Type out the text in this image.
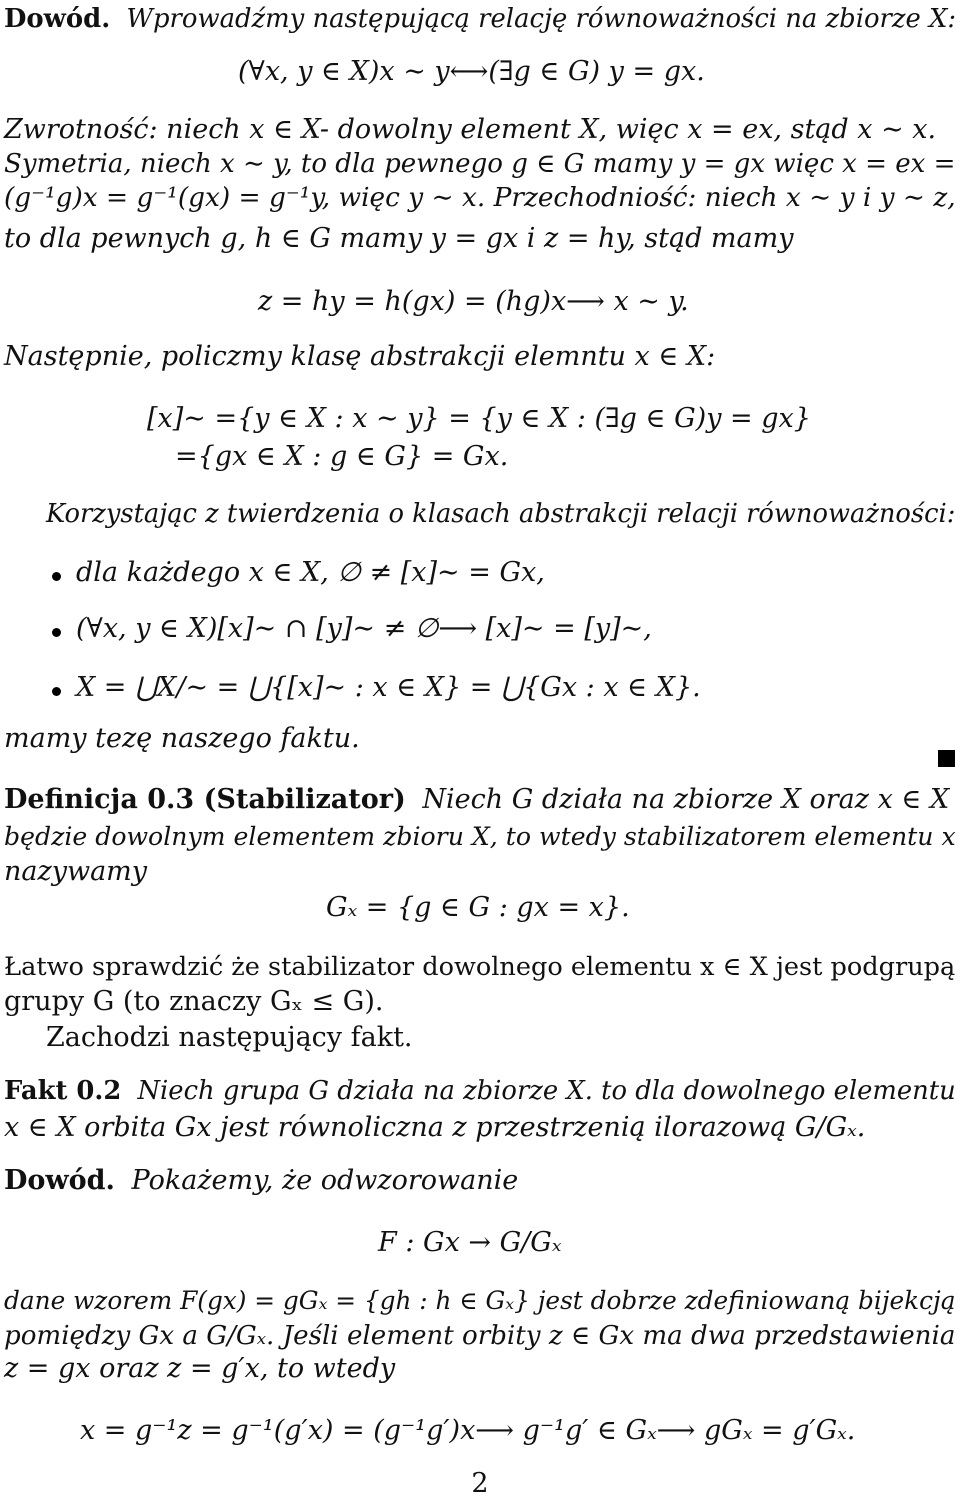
Dowód. Wprowadźmy następującą relację równoważności na zbiorze X:
(∀x, y ∈ X)x ∼ y⟷(∃g ∈ G) y = gx.
Zwrotność: niech x ∈ X- dowolny element X, więc x = ex, stąd x ∼ x.
Symetria, niech x ∼ y, to dla pewnego g ∈ G mamy y = gx więc x = ex =
(g⁻¹g)x = g⁻¹(gx) = g⁻¹y, więc y ∼ x. Przechodniość: niech x ∼ y i y ∼ z,
to dla pewnych g, h ∈ G mamy y = gx i z = hy, stąd mamy
z = hy = h(gx) = (hg)x⟶ x ∼ y.
Następnie, policzmy klasę abstrakcji elemntu x ∈ X:
[x]∼ ={y ∈ X : x ∼ y} = {y ∈ X : (∃g ∈ G)y = gx}
={gx ∈ X : g ∈ G} = Gx.
Korzystając z twierdzenia o klasach abstrakcji relacji równoważności:
dla każdego x ∈ X, ∅ ≠ [x]∼ = Gx,
(∀x, y ∈ X)[x]∼ ∩ [y]∼ ≠ ∅⟶ [x]∼ = [y]∼,
X = ⋃X/∼ = ⋃{[x]∼ : x ∈ X} = ⋃{Gx : x ∈ X}.
mamy tezę naszego faktu.
Definicja 0.3 (Stabilizator) Niech G działa na zbiorze X oraz x ∈ X
będzie dowolnym elementem zbioru X, to wtedy stabilizatorem elementu x
nazywamy
Gₓ = {g ∈ G : gx = x}.
Łatwo sprawdzić że stabilizator dowolnego elementu x ∈ X jest podgrupą
grupy G (to znaczy Gₓ ≤ G).
Zachodzi następujący fakt.
Fakt 0.2 Niech grupa G działa na zbiorze X. to dla dowolnego elementu
x ∈ X orbita Gx jest równoliczna z przestrzenią ilorazową G/Gₓ.
Dowód. Pokażemy, że odwzorowanie
F : Gx → G/Gₓ
dane wzorem F(gx) = gGₓ = {gh : h ∈ Gₓ} jest dobrze zdefiniowaną bijekcją
pomiędzy Gx a G/Gₓ. Jeśli element orbity z ∈ Gx ma dwa przedstawienia
z = gx oraz z = g′x, to wtedy
x = g⁻¹z = g⁻¹(g′x) = (g⁻¹g′)x⟶ g⁻¹g′ ∈ Gₓ⟶ gGₓ = g′Gₓ.
2
